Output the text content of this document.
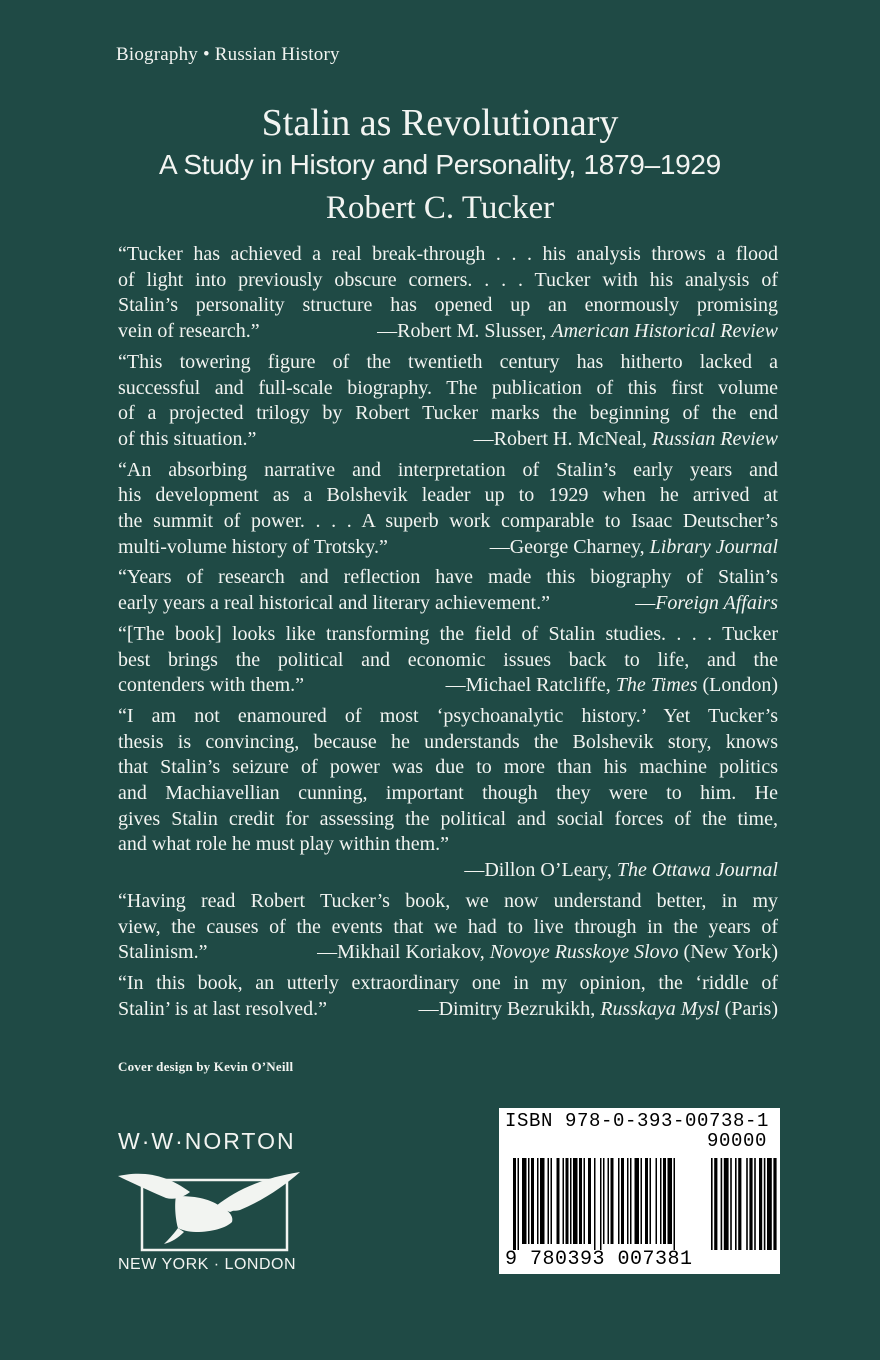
Biography • Russian History
Stalin as Revolutionary
A Study in History and Personality, 1879–1929
Robert C. Tucker
“Tucker has achieved a real break-through . . . his analysis throws a flood
of light into previously obscure corners. . . . Tucker with his analysis of
Stalin’s personality structure has opened up an enormously promising
—Robert M. Slusser, American Historical Review
vein of research.”
“This towering figure of the twentieth century has hitherto lacked a
successful and full-scale biography. The publication of this first volume
of a projected trilogy by Robert Tucker marks the beginning of the end
—Robert H. McNeal, Russian Review
of this situation.”
“An absorbing narrative and interpretation of Stalin’s early years and
his development as a Bolshevik leader up to 1929 when he arrived at
the summit of power. . . . A superb work comparable to Isaac Deutscher’s
—George Charney, Library Journal
multi-volume history of Trotsky.”
“Years of research and reflection have made this biography of Stalin’s
—Foreign Affairs
early years a real historical and literary achievement.”
“[The book] looks like transforming the field of Stalin studies. . . . Tucker
best brings the political and economic issues back to life, and the
—Michael Ratcliffe, The Times (London)
contenders with them.”
“I am not enamoured of most ‘psychoanalytic history.’ Yet Tucker’s
thesis is convincing, because he understands the Bolshevik story, knows
that Stalin’s seizure of power was due to more than his machine politics
and Machiavellian cunning, important though they were to him. He
gives Stalin credit for assessing the political and social forces of the time,
and what role he must play within them.”
—Dillon O’Leary, The Ottawa Journal
“Having read Robert Tucker’s book, we now understand better, in my
view, the causes of the events that we had to live through in the years of
—Mikhail Koriakov, Novoye Russkoye Slovo (New York)
Stalinism.”
“In this book, an utterly extraordinary one in my opinion, the ‘riddle of
—Dimitry Bezrukikh, Russkaya Mysl (Paris)
Stalin’ is at last resolved.”
Cover design by Kevin O’Neill
W·W·NORTON
NEW YORK · LONDON
ISBN 978-0-393-00738-1
90000
9 780393 007381
